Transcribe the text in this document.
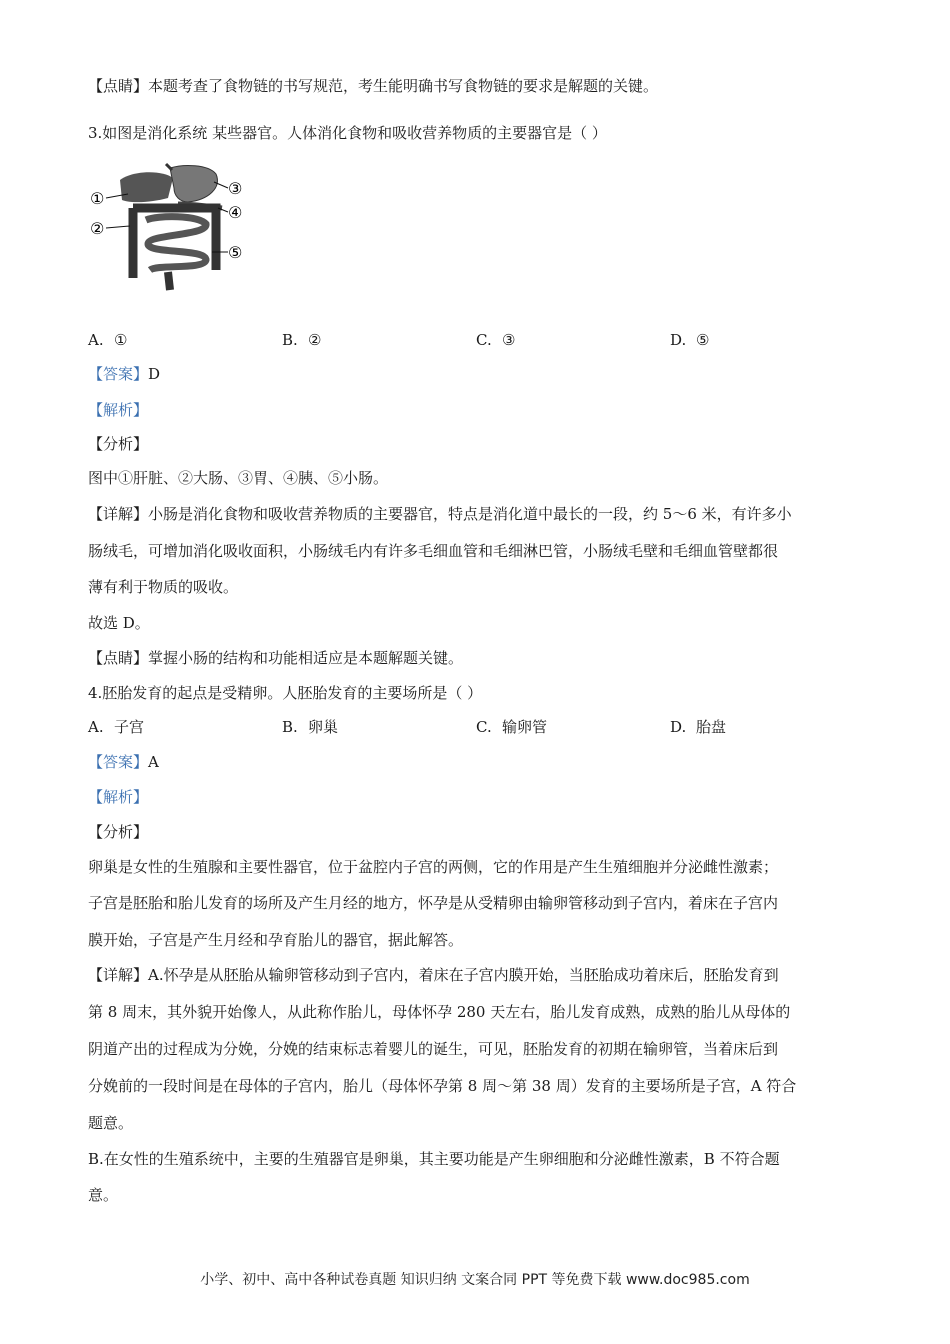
【点睛】本题考查了食物链的书写规范，考生能明确书写食物链的要求是解题的关键。
3.如图是消化系统 某些器官。人体消化食物和吸收营养物质的主要器官是（ ）
①
②
③
④
⑤
A. ①	B. ②	C. ③	D. ⑤
【答案】D
【解析】
【分析】
图中①肝脏、②大肠、③胃、④胰、⑤小肠。
【详解】小肠是消化食物和吸收营养物质的主要器官，特点是消化道中最长的一段，约 5～6 米，有许多小
肠绒毛，可增加消化吸收面积，小肠绒毛内有许多毛细血管和毛细淋巴管，小肠绒毛壁和毛细血管壁都很
薄有利于物质的吸收。
故选 D。
【点睛】掌握小肠的结构和功能相适应是本题解题关键。
4.胚胎发育的起点是受精卵。人胚胎发育的主要场所是（ ）
A. 子宫	B. 卵巢	C. 输卵管	D. 胎盘
【答案】A
【解析】
【分析】
卵巢是女性的生殖腺和主要性器官，位于盆腔内子宫的两侧，它的作用是产生生殖细胞并分泌雌性激素；
子宫是胚胎和胎儿发育的场所及产生月经的地方，怀孕是从受精卵由输卵管移动到子宫内，着床在子宫内
膜开始，子宫是产生月经和孕育胎儿的器官，据此解答。
【详解】A.怀孕是从胚胎从输卵管移动到子宫内，着床在子宫内膜开始，当胚胎成功着床后，胚胎发育到
第 8 周末，其外貌开始像人，从此称作胎儿，母体怀孕 280 天左右，胎儿发育成熟，成熟的胎儿从母体的
阴道产出的过程成为分娩，分娩的结束标志着婴儿的诞生，可见，胚胎发育的初期在输卵管，当着床后到
分娩前的一段时间是在母体的子宫内，胎儿（母体怀孕第 8 周～第 38 周）发育的主要场所是子宫，A 符合
题意。
B.在女性的生殖系统中，主要的生殖器官是卵巢，其主要功能是产生卵细胞和分泌雌性激素，B 不符合题
意。
小学、初中、高中各种试卷真题 知识归纳 文案合同 PPT 等免费下载 www.doc985.com
